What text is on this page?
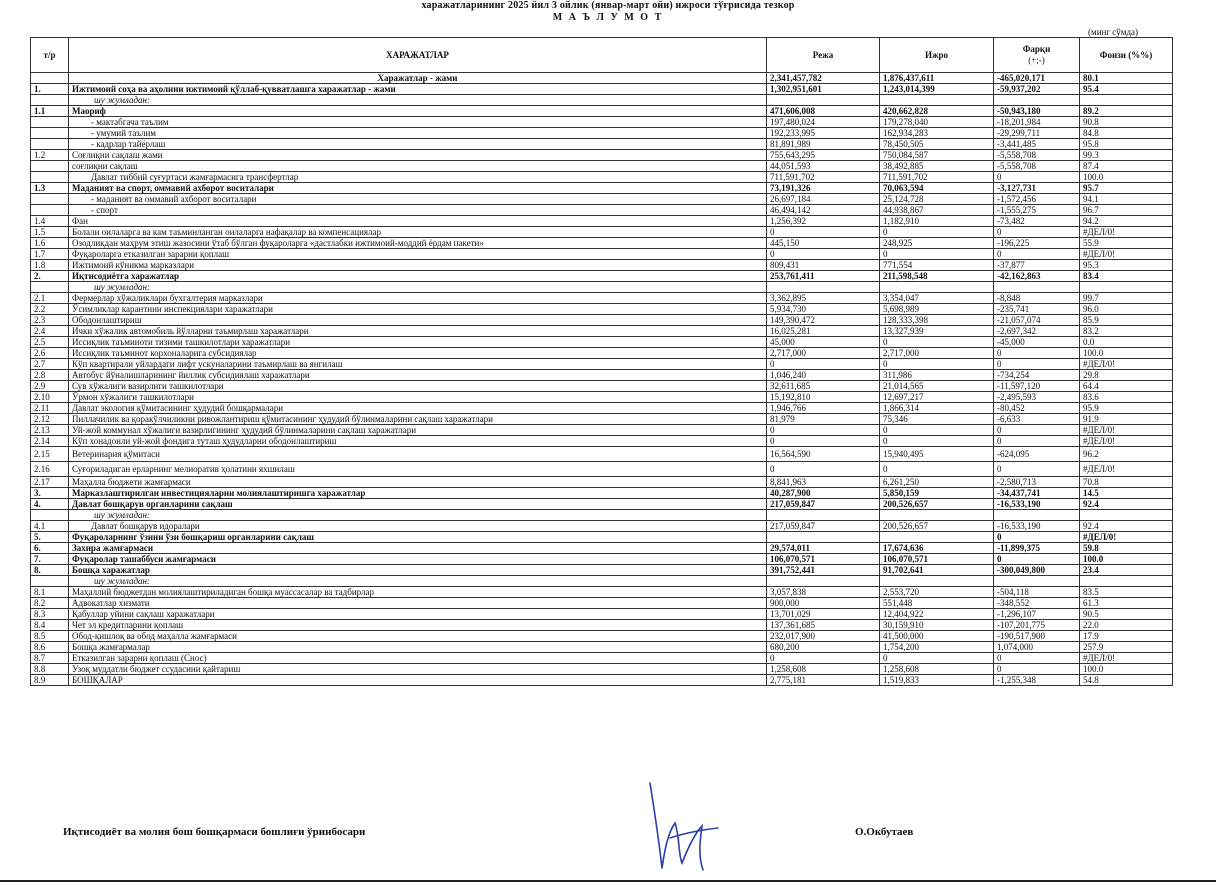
харажатларининг 2025 йил 3 ойлик (январ-март ойи) ижроси тўғрисида тезкор
М А Ъ Л У М О Т
(минг сўмда)
т/р	ХАРАЖАТЛАР	Режа	Ижро	Фарқи
(+;-)	Фоизи (%%)
	Харажатлар - жами	2,341,457,782	1,876,437,611	-465,020,171	80.1
1.	Ижтимоий соҳа ва аҳолини ижтимоий қўллаб-қувватлашга харажатлар - жами	1,302,951,601	1,243,014,399	-59,937,202	95.4
	шу жумладан:				
1.1	Маориф	471,606,008	420,662,828	-50,943,180	89.2
	- мактабгача таълим	197,480,024	179,278,040	-18,201,984	90.8
	- умумий таълим	192,233,995	162,934,283	-29,299,711	84.8
	- кадрлар тайёрлаш	81,891,989	78,450,505	-3,441,485	95.8
1.2	Соғлиқни сақлаш жами	755,643,295	750,084,587	-5,558,708	99.3
	соғлиқни сақлаш	44,051,593	38,492,885	-5,558,708	87.4
	Давлат тиббий суғуртаси жамғармасига трансфертлар	711,591,702	711,591,702	0	100.0
1.3	Маданият ва спорт, оммавий ахборот воситалари	73,191,326	70,063,594	-3,127,731	95.7
	- маданият ва оммавий ахборот воситалари	26,697,184	25,124,728	-1,572,456	94.1
	- спорт	46,494,142	44,938,867	-1,555,275	96.7
1.4	Фан	1,256,392	1,182,910	-73,482	94.2
1.5	Болали оилаларга ва кам таъминланган оилаларга нафақалар ва компенсациялар	0	0	0	#ДЕЛ/0!
1.6	Озодликдан маҳрум этиш жазосини ўтаб бўлган фуқароларга «дастлабки ижтимоий-моддий ёрдам пакети»	445,150	248,925	-196,225	55.9
1.7	Фуқароларга етказилган зарарни қоплаш	0	0	0	#ДЕЛ/0!
1.8	Ижтимоий кўникма марказлари	809,431	771,554	-37,877	95.3
2.	Иқтисодиётга харажатлар	253,761,411	211,598,548	-42,162,863	83.4
	шу жумладан:				
2.1	Фермерлар хўжаликлари бухгалтерия марказлари	3,362,895	3,354,047	-8,848	99.7
2.2	Ўсимликлар карантини инспекциялари харажатлари	5,934,730	5,698,989	-235,741	96.0
2.3	Ободонлаштириш	149,390,472	128,333,398	-21,057,074	85.9
2.4	Ички хўжалик автомобиль йўлларни таъмирлаш харажатлари	16,025,281	13,327,939	-2,697,342	83.2
2.5	Иссиқлик таъминоти тизими ташкилотлари харажатлари	45,000	0	-45,000	0.0
2.6	Иссиқлик таъминот корхоналарига субсидиялар	2,717,000	2,717,000	0	100.0
2.7	Кўп квартирали уйлардаги лифт ускуналарини таъмирлаш ва янгилаш	0	0	0	#ДЕЛ/0!
2.8	Автобус йўналишларининг йиллик субсидиялаш харажатлари	1,046,240	311,986	-734,254	29.8
2.9	Сув хўжалиги вазирлиги ташкилотлари	32,611,685	21,014,565	-11,597,120	64.4
2.10	Ўрмон хўжалиги ташкилотлари	15,192,810	12,697,217	-2,495,593	83.6
2.11	Давлат экология қўмитасининг ҳудудий бошқармалари	1,946,766	1,866,314	-80,452	95.9
2.12	Пиллачилик ва қоракўлчиликни ривожлантириш қўмитасининг ҳудудий бўлинмаларини сақлаш харажатлари	81,979	75,346	-6,633	91.9
2.13	Уй-жой коммунал хўжалиги вазирлигининг ҳудудий бўлинмаларини сақлаш харажатлари	0	0	0	#ДЕЛ/0!
2.14	Кўп хонадонли уй-жой фондига туташ ҳудудларни ободонлаштириш	0	0	0	#ДЕЛ/0!
2.15	Ветеринария қўмитаси	16,564,590	15,940,495	-624,095	96.2
2.16	Суғориладиган ерларнинг мелиоратив ҳолатини яхшилаш	0	0	0	#ДЕЛ/0!
2.17	Маҳалла бюджети жамғармаси	8,841,963	6,261,250	-2,580,713	70.8
3.	Марказлаштирилган инвестицияларни молиялаштиришга харажатлар	40,287,900	5,850,159	-34,437,741	14.5
4.	Давлат бошқарув органларини сақлаш	217,059,847	200,526,657	-16,533,190	92.4
	шу жумладан:				
4.1	Давлат бошқарув идоралари	217,059,847	200,526,657	-16,533,190	92.4
5.	Фуқароларнинг ўзини ўзи бошқариш органларини сақлаш			0	#ДЕЛ/0!
6.	Захира жамғармаси	29,574,011	17,674,636	-11,899,375	59.8
7.	Фуқаролар ташаббуси жамғармаси	106,070,571	106,070,571	0	100.0
8.	Бошқа харажатлар	391,752,441	91,702,641	-300,049,800	23.4
	шу жумладан:				
8.1	Маҳаллий бюджетдан молиялаштириладиган бошқа муассасалар ва тадбирлар	3,057,838	2,553,720	-504,118	83.5
8.2	Адвокатлар хизмати	900,000	551,448	-348,552	61.3
8.3	Қабуллар уйини сақлаш харажатлари	13,701,029	12,404,922	-1,296,107	90.5
8.4	Чет эл кредитларини қоплаш	137,361,685	30,159,910	-107,201,775	22.0
8.5	Обод-қишлоқ ва обод маҳалла жамғармаси	232,017,900	41,500,000	-190,517,900	17.9
8.6	Бошқа жамғармалар	680,200	1,754,200	1,074,000	257.9
8.7	Етказилган зарарни қоплаш (Снос)	0	0	0	#ДЕЛ/0!
8.8	Узоқ муддатли бюджет ссудасини қайтариш	1,258,608	1,258,608	0	100.0
8.9	БОШҚАЛАР	2,775,181	1,519,833	-1,255,348	54.8
Иқтисодиёт ва молия бош бошқармаси бошлиғи ўринбосари	О.Окбутаев
